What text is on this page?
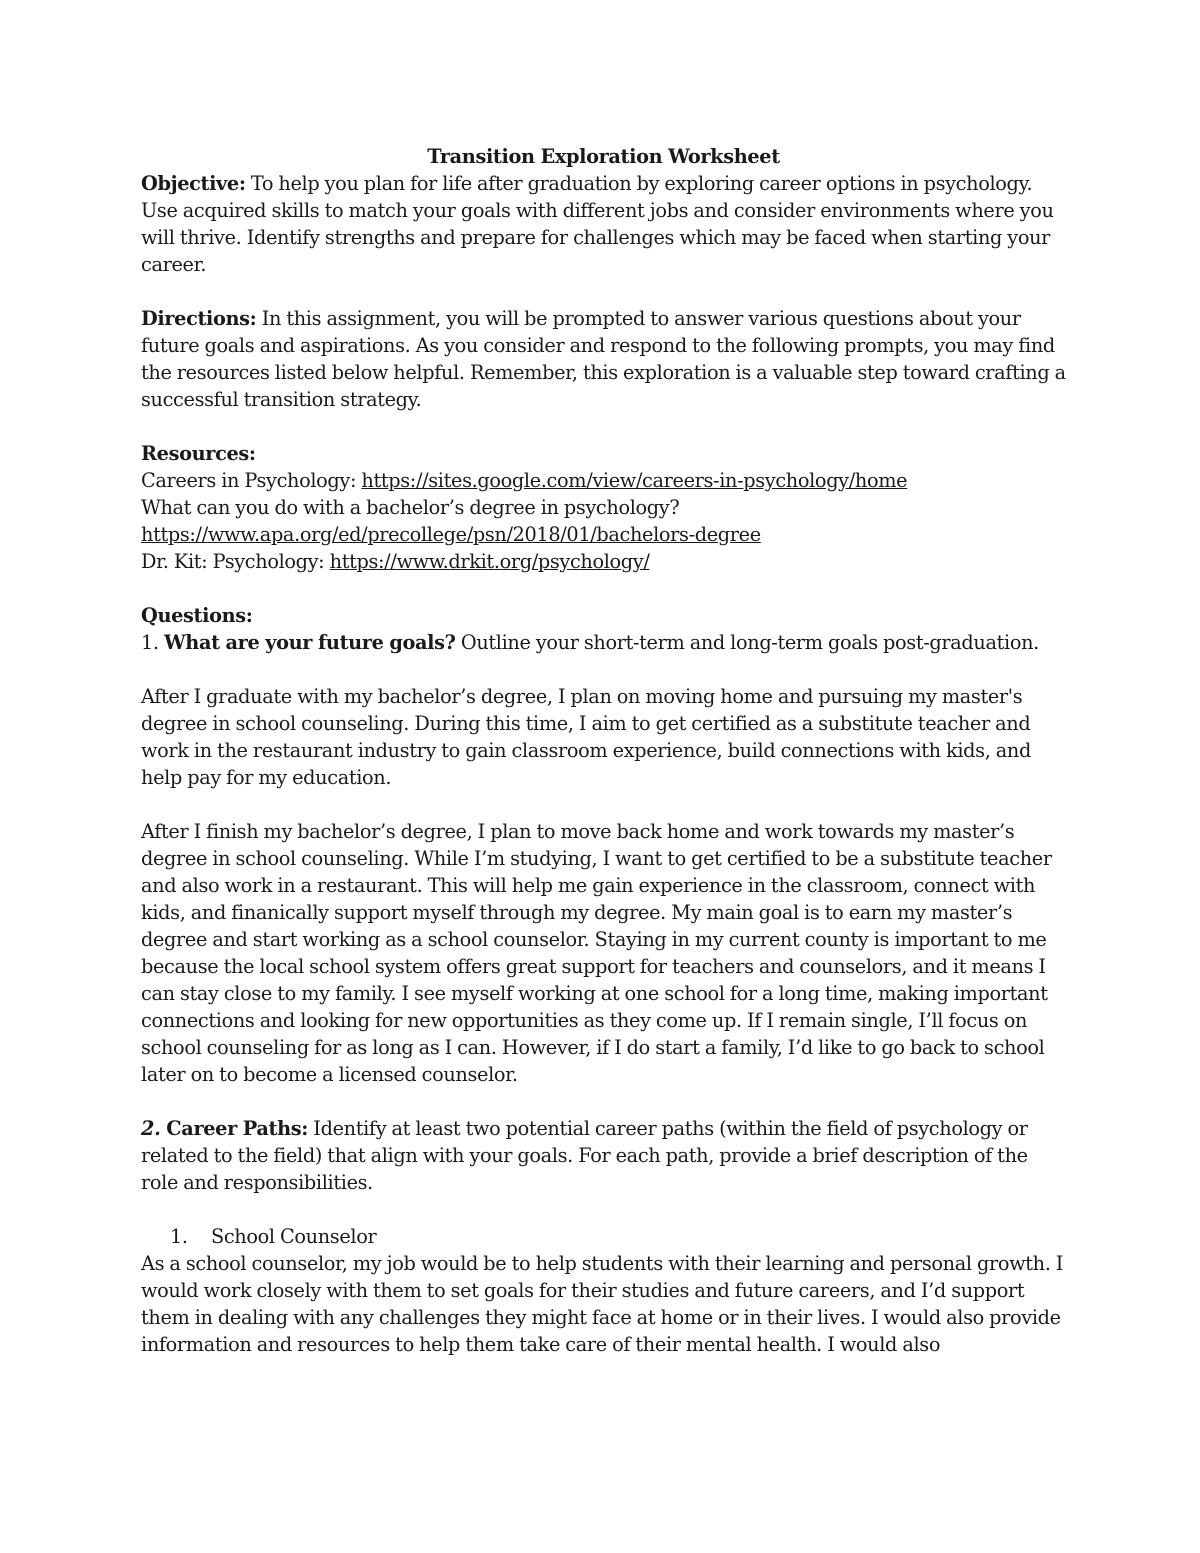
Transition Exploration Worksheet

Objective: To help you plan for life after graduation by exploring career options in psychology. Use acquired skills to match your goals with different jobs and consider environments where you will thrive. Identify strengths and prepare for challenges which may be faced when starting your career.

Directions: In this assignment, you will be prompted to answer various questions about your future goals and aspirations. As you consider and respond to the following prompts, you may find the resources listed below helpful. Remember, this exploration is a valuable step toward crafting a successful transition strategy.

Resources:

Careers in Psychology: https://sites.google.com/view/careers-in-psychology/home

What can you do with a bachelor’s degree in psychology?

https://www.apa.org/ed/precollege/psn/2018/01/bachelors-degree

Dr. Kit: Psychology: https://www.drkit.org/psychology/

Questions:

1. What are your future goals? Outline your short-term and long-term goals post-graduation.

After I graduate with my bachelor’s degree, I plan on moving home and pursuing my master's degree in school counseling. During this time, I aim to get certified as a substitute teacher and work in the restaurant industry to gain classroom experience, build connections with kids, and help pay for my education.

After I finish my bachelor’s degree, I plan to move back home and work towards my master’s degree in school counseling. While I’m studying, I want to get certified to be a substitute teacher and also work in a restaurant. This will help me gain experience in the classroom, connect with kids, and finanically support myself through my degree. My main goal is to earn my master’s degree and start working as a school counselor. Staying in my current county is important to me because the local school system offers great support for teachers and counselors, and it means I can stay close to my family. I see myself working at one school for a long time, making important connections and looking for new opportunities as they come up. If I remain single, I’ll focus on school counseling for as long as I can. However, if I do start a family, I’d like to go back to school later on to become a licensed counselor.

2. Career Paths: Identify at least two potential career paths (within the field of psychology or related to the field) that align with your goals. For each path, provide a brief description of the role and responsibilities.

1. School Counselor

As a school counselor, my job would be to help students with their learning and personal growth. I would work closely with them to set goals for their studies and future careers, and I’d support them in dealing with any challenges they might face at home or in their lives. I would also provide information and resources to help them take care of their mental health. I would also
